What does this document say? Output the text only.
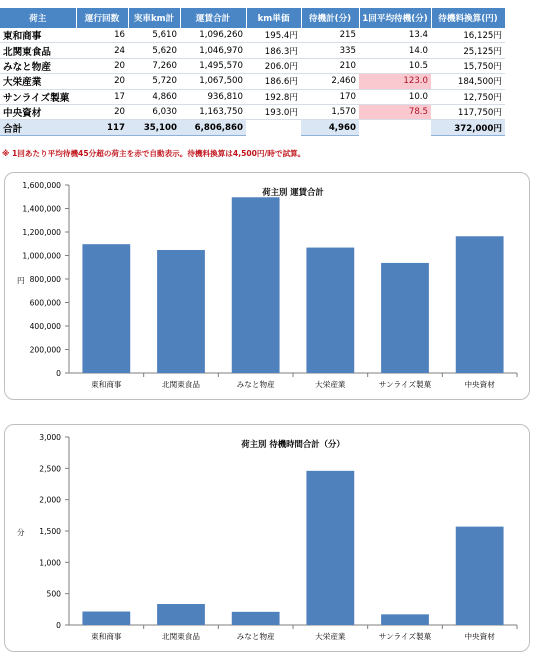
荷主	運行回数	実車km計	運賃合計	km単価	待機計(分)	1回平均待機(分)	待機料換算(円)
東和商事	16	5,610	1,096,260	195.4円	215	13.4	16,125円
北関東食品	24	5,620	1,046,970	186.3円	335	14.0	25,125円
みなと物産	20	7,260	1,495,570	206.0円	210	10.5	15,750円
大栄産業	20	5,720	1,067,500	186.6円	2,460	123.0	184,500円
サンライズ製菓	17	4,860	936,810	192.8円	170	10.0	12,750円
中央資材	20	6,030	1,163,750	193.0円	1,570	78.5	117,750円
合計	117	35,100	6,806,860		4,960		372,000円
※ 1回あたり平均待機45分超の荷主を赤で自動表示。待機料換算は4,500円/時で試算。
荷主別 運賃合計
0
200,000
400,000
600,000
800,000
1,000,000
1,200,000
1,400,000
1,600,000
円
東和商事	北関東食品	みなと物産	大栄産業	サンライズ製菓	中央資材
荷主別 待機時間合計（分）
0
500
1,000
1,500
2,000
2,500
3,000
分
東和商事	北関東食品	みなと物産	大栄産業	サンライズ製菓	中央資材
